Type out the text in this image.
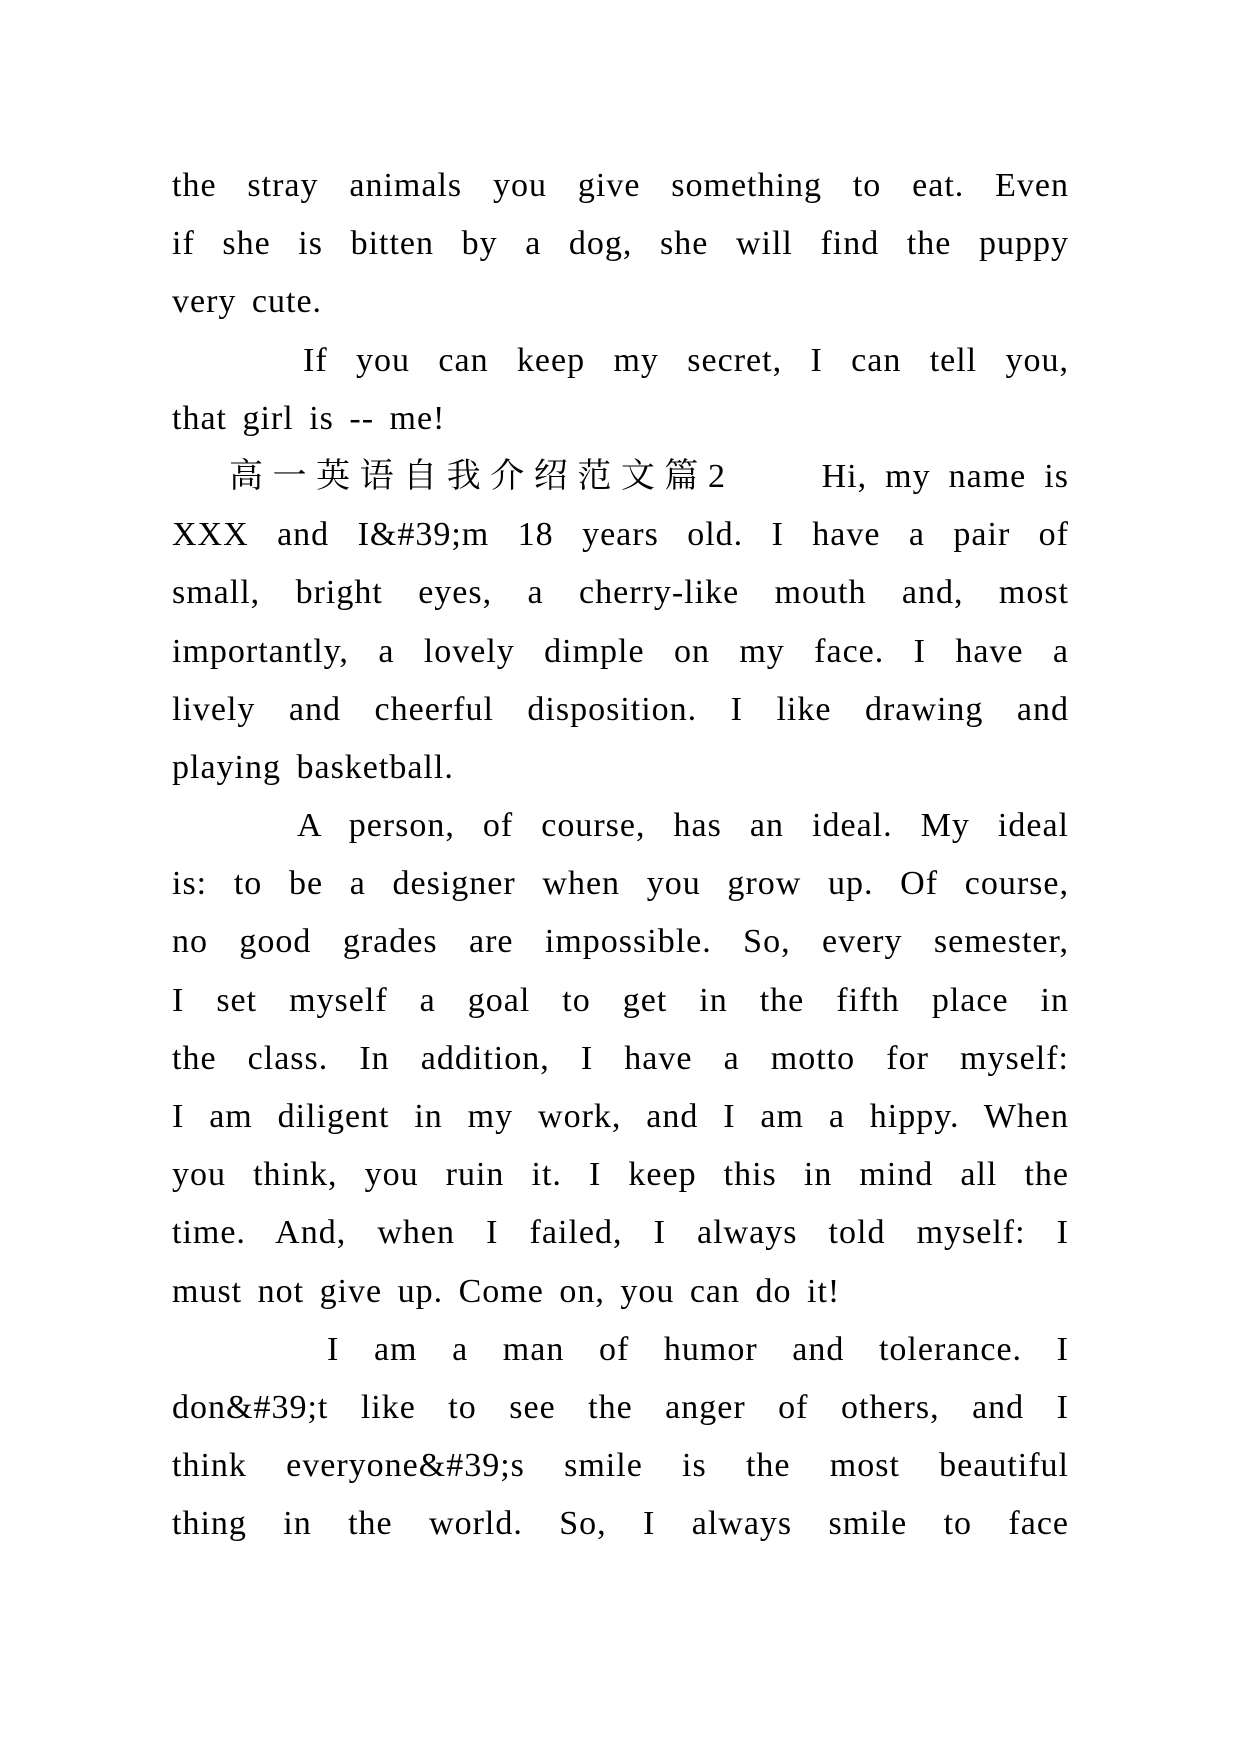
the stray animals you give something to eat. Even
if she is bitten by a dog, she will find the puppy
very cute.
If you can keep my secret, I can tell you,
that girl is -- me!
高一英语自我介绍范文篇2　　Hi, my name is
XXX and I&#39;m 18 years old. I have a pair of
small, bright eyes, a cherry-like mouth and, most
importantly, a lovely dimple on my face. I have a
lively and cheerful disposition. I like drawing and
playing basketball.
A person, of course, has an ideal. My ideal
is: to be a designer when you grow up. Of course,
no good grades are impossible. So, every semester,
I set myself a goal to get in the fifth place in
the class. In addition, I have a motto for myself:
I am diligent in my work, and I am a hippy. When
you think, you ruin it. I keep this in mind all the
time. And, when I failed, I always told myself: I
must not give up. Come on, you can do it!
I am a man of humor and tolerance. I
don&#39;t like to see the anger of others, and I
think everyone&#39;s smile is the most beautiful
thing in the world. So, I always smile to face
